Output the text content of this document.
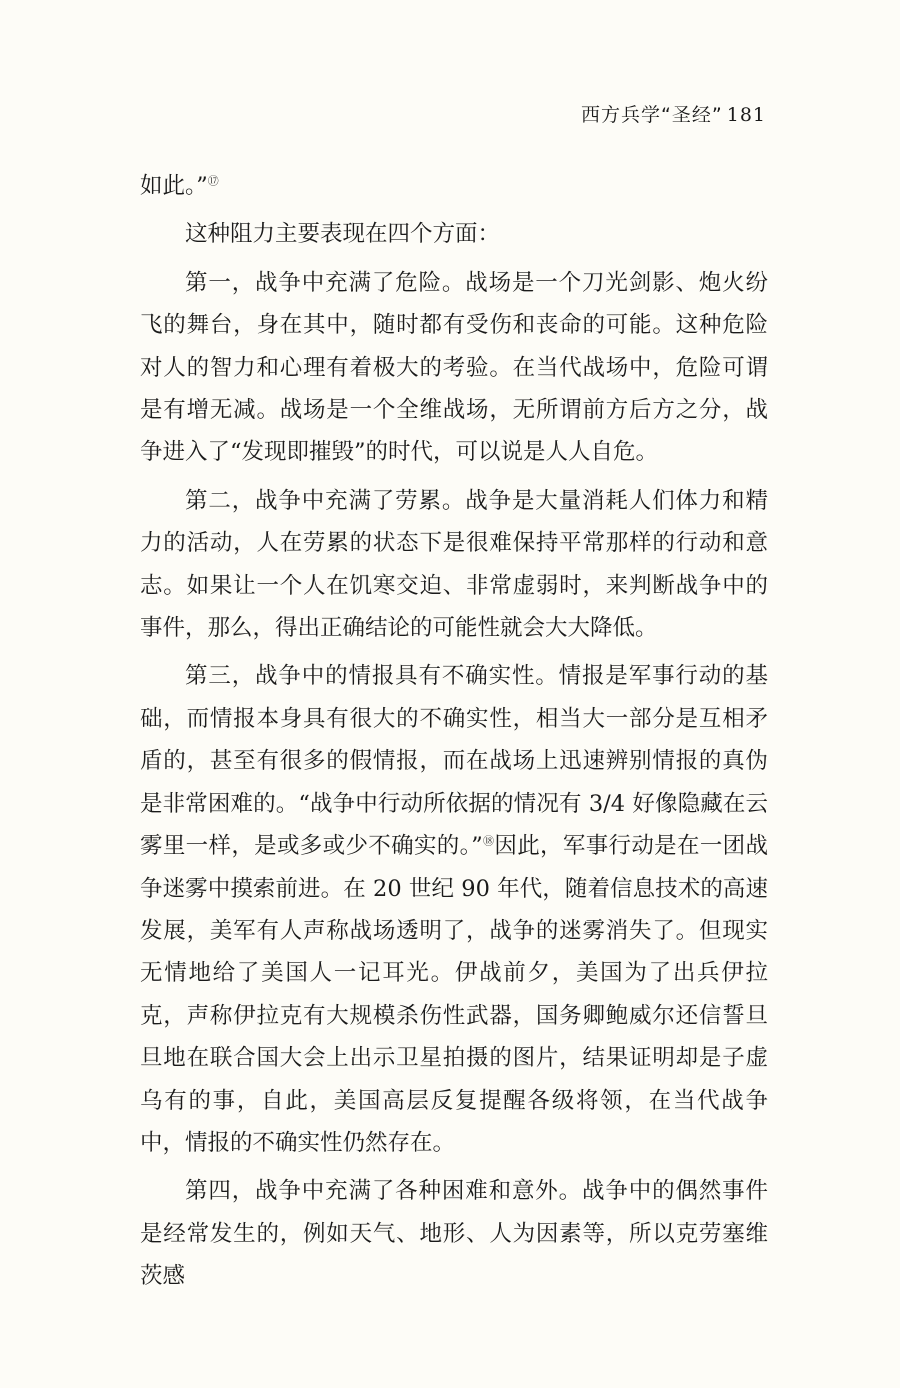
西方兵学“圣经” 181

如此。”⑰

这种阻力主要表现在四个方面：

第一，战争中充满了危险。战场是一个刀光剑影、炮火纷飞的舞台，身在其中，随时都有受伤和丧命的可能。这种危险对人的智力和心理有着极大的考验。在当代战场中，危险可谓是有增无减。战场是一个全维战场，无所谓前方后方之分，战争进入了“发现即摧毁”的时代，可以说是人人自危。

第二，战争中充满了劳累。战争是大量消耗人们体力和精力的活动，人在劳累的状态下是很难保持平常那样的行动和意志。如果让一个人在饥寒交迫、非常虚弱时，来判断战争中的事件，那么，得出正确结论的可能性就会大大降低。

第三，战争中的情报具有不确实性。情报是军事行动的基础，而情报本身具有很大的不确实性，相当大一部分是互相矛盾的，甚至有很多的假情报，而在战场上迅速辨别情报的真伪是非常困难的。“战争中行动所依据的情况有 3/4 好像隐藏在云雾里一样，是或多或少不确实的。”⑱因此，军事行动是在一团战争迷雾中摸索前进。在 20 世纪 90 年代，随着信息技术的高速发展，美军有人声称战场透明了，战争的迷雾消失了。但现实无情地给了美国人一记耳光。伊战前夕，美国为了出兵伊拉克，声称伊拉克有大规模杀伤性武器，国务卿鲍威尔还信誓旦旦地在联合国大会上出示卫星拍摄的图片，结果证明却是子虚乌有的事，自此，美国高层反复提醒各级将领，在当代战争中，情报的不确实性仍然存在。

第四，战争中充满了各种困难和意外。战争中的偶然事件是经常发生的，例如天气、地形、人为因素等，所以克劳塞维茨感
